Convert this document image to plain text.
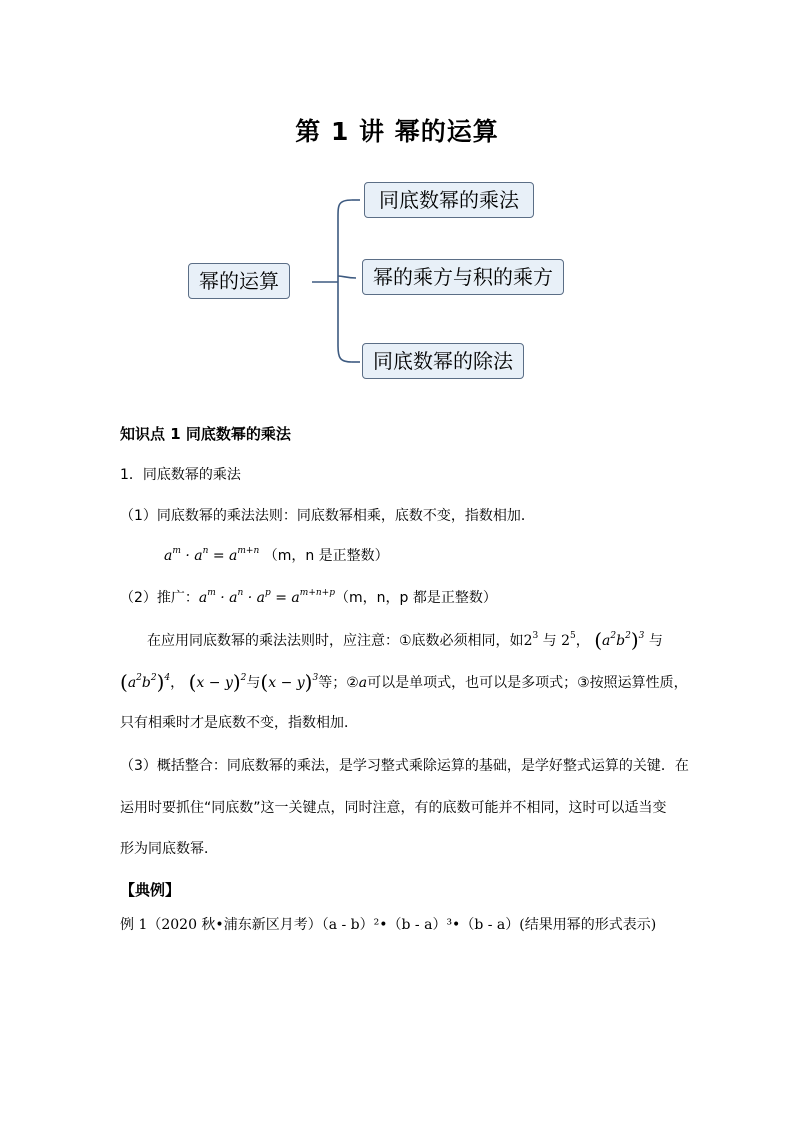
第 1 讲 幂的运算
幂的运算
同底数幂的乘法
幂的乘方与积的乘方
同底数幂的除法
知识点 1 同底数幂的乘法
1．同底数幂的乘法
（1）同底数幂的乘法法则：同底数幂相乘，底数不变，指数相加．
$a^m \cdot a^n = a^{m+n}$ （m，n 是正整数）
（2）推广：$a^m \cdot a^n \cdot a^p = a^{m+n+p}(m$，n，p 都是正整数）
在应用同底数幂的乘法法则时，应注意：①底数必须相同，如$2^3$ 与 $2^5$， $(a^2b^2)^3$ 与
$(a^2b^2)^4$， $(x - y)^2$与$(x - y)^3$等；②a可以是单项式，也可以是多项式；③按照运算性质，
只有相乘时才是底数不变，指数相加．
（3）概括整合：同底数幂的乘法，是学习整式乘除运算的基础，是学好整式运算的关键．在
运用时要抓住“同底数”这一关键点，同时注意，有的底数可能并不相同，这时可以适当变
形为同底数幂．
【典例】
例 1（2020 秋•浦东新区月考）（a - b）²•（b - a）³•（b - a）(结果用幂的形式表示)
